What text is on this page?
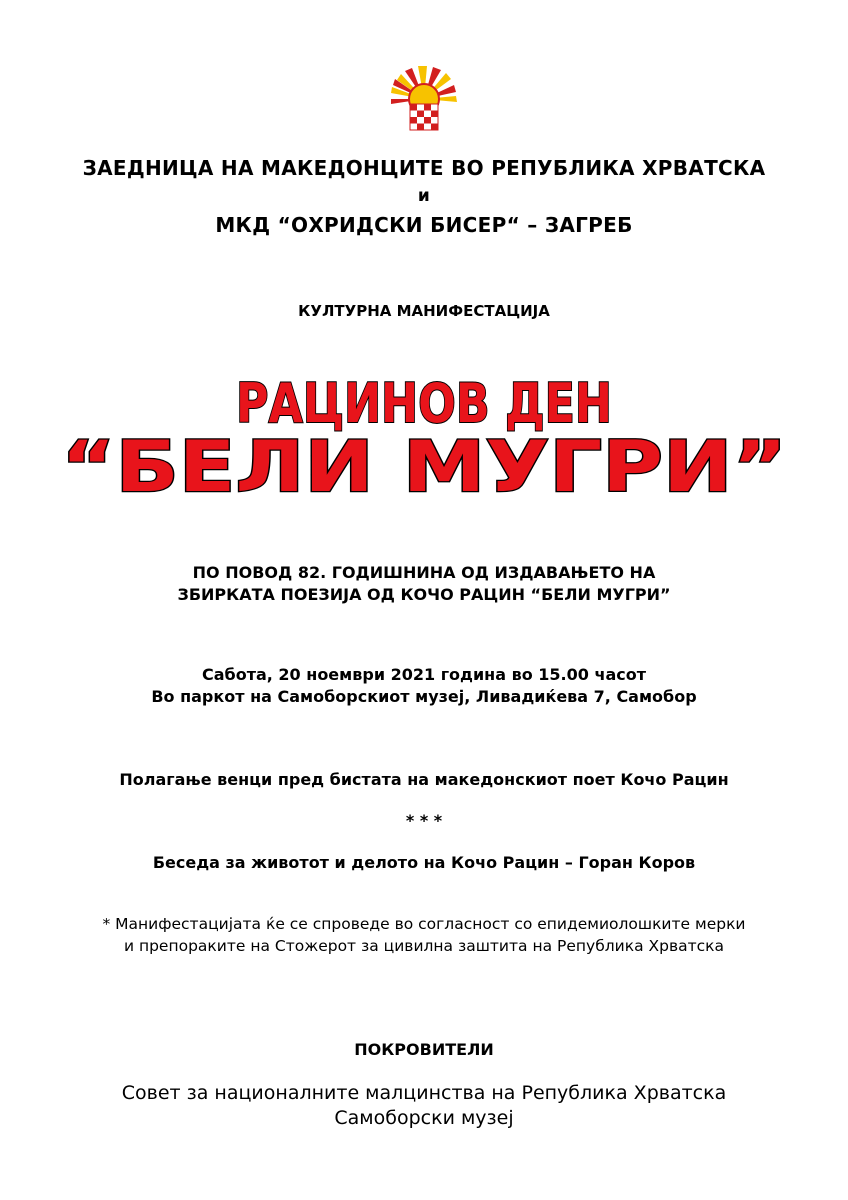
ЗАЕДНИЦА НА МАКЕДОНЦИТЕ ВО РЕПУБЛИКА ХРВАТСКА
и
МКД “ОХРИДСКИ БИСЕР“ – ЗАГРЕБ
КУЛТУРНА МАНИФЕСТАЦИЈА
РАЦИНОВ ДЕН
“БЕЛИ МУГРИ”
ПО ПОВОД 82. ГОДИШНИНА ОД ИЗДАВАЊЕТО НА
ЗБИРКАТА ПОЕЗИЈА ОД КОЧО РАЦИН “БЕЛИ МУГРИ”
Сабота, 20 ноември 2021 година во 15.00 часот
Во паркот на Самоборскиот музеј, Ливадиќева 7, Самобор
Полагање венци пред бистата на македонскиот поет Кочо Рацин
* * *
Беседа за животот и делото на Кочо Рацин – Горан Коров
* Манифестацијата ќе се спроведе во согласност со епидемиолошките мерки
и препораките на Стожерот за цивилна заштита на Република Хрватска
ПОКРОВИТЕЛИ
Совет за националните малцинства на Република Хрватска
Самоборски музеј
